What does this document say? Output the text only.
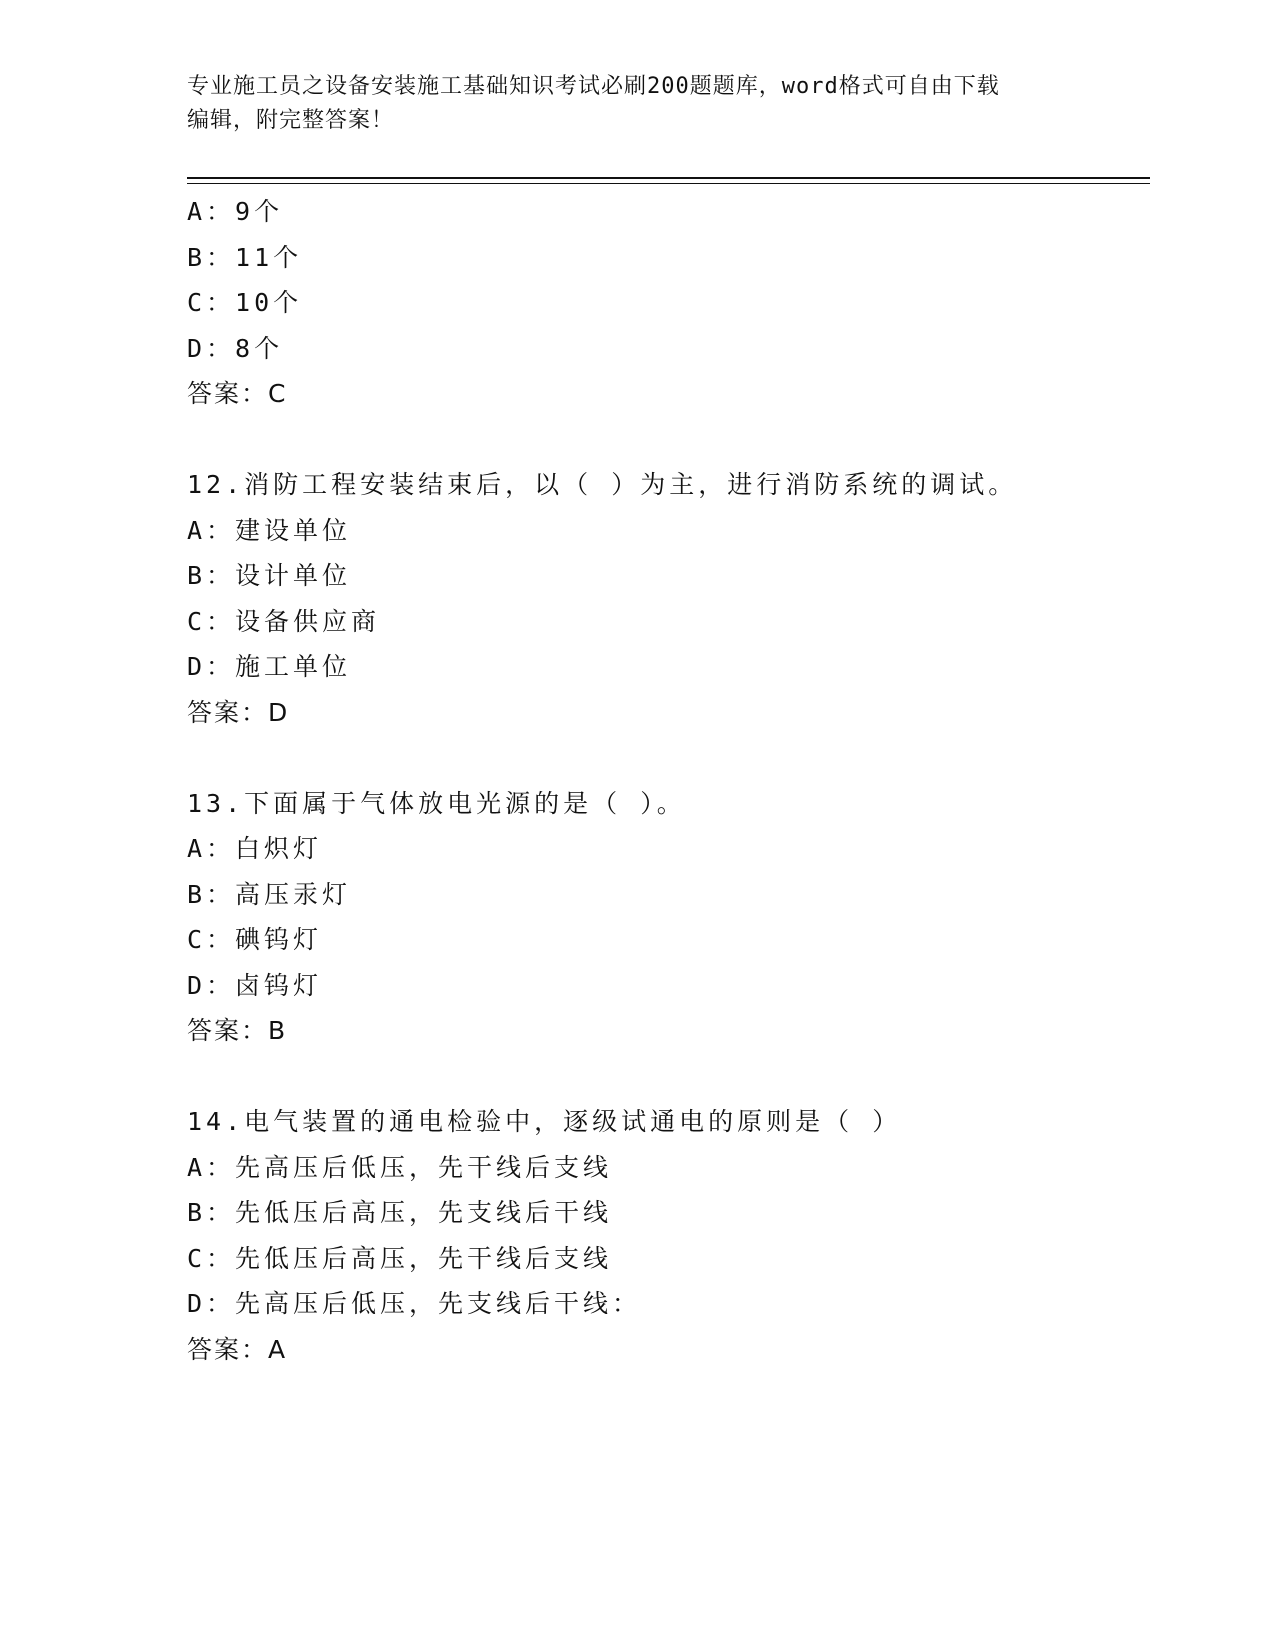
专业施工员之设备安装施工基础知识考试必刷200题题库，word格式可自由下载
编辑，附完整答案！
A：9个
B：11个
C：10个
D：8个
答案：C
12.消防工程安装结束后，以（ ）为主，进行消防系统的调试。
A：建设单位
B：设计单位
C：设备供应商
D：施工单位
答案：D
13.下面属于气体放电光源的是（ ）。
A：白炽灯
B：高压汞灯
C：碘钨灯
D：卤钨灯
答案：B
14.电气装置的通电检验中，逐级试通电的原则是（ ）
A：先高压后低压，先干线后支线
B：先低压后高压，先支线后干线
C：先低压后高压，先干线后支线
D：先高压后低压，先支线后干线：
答案：A
